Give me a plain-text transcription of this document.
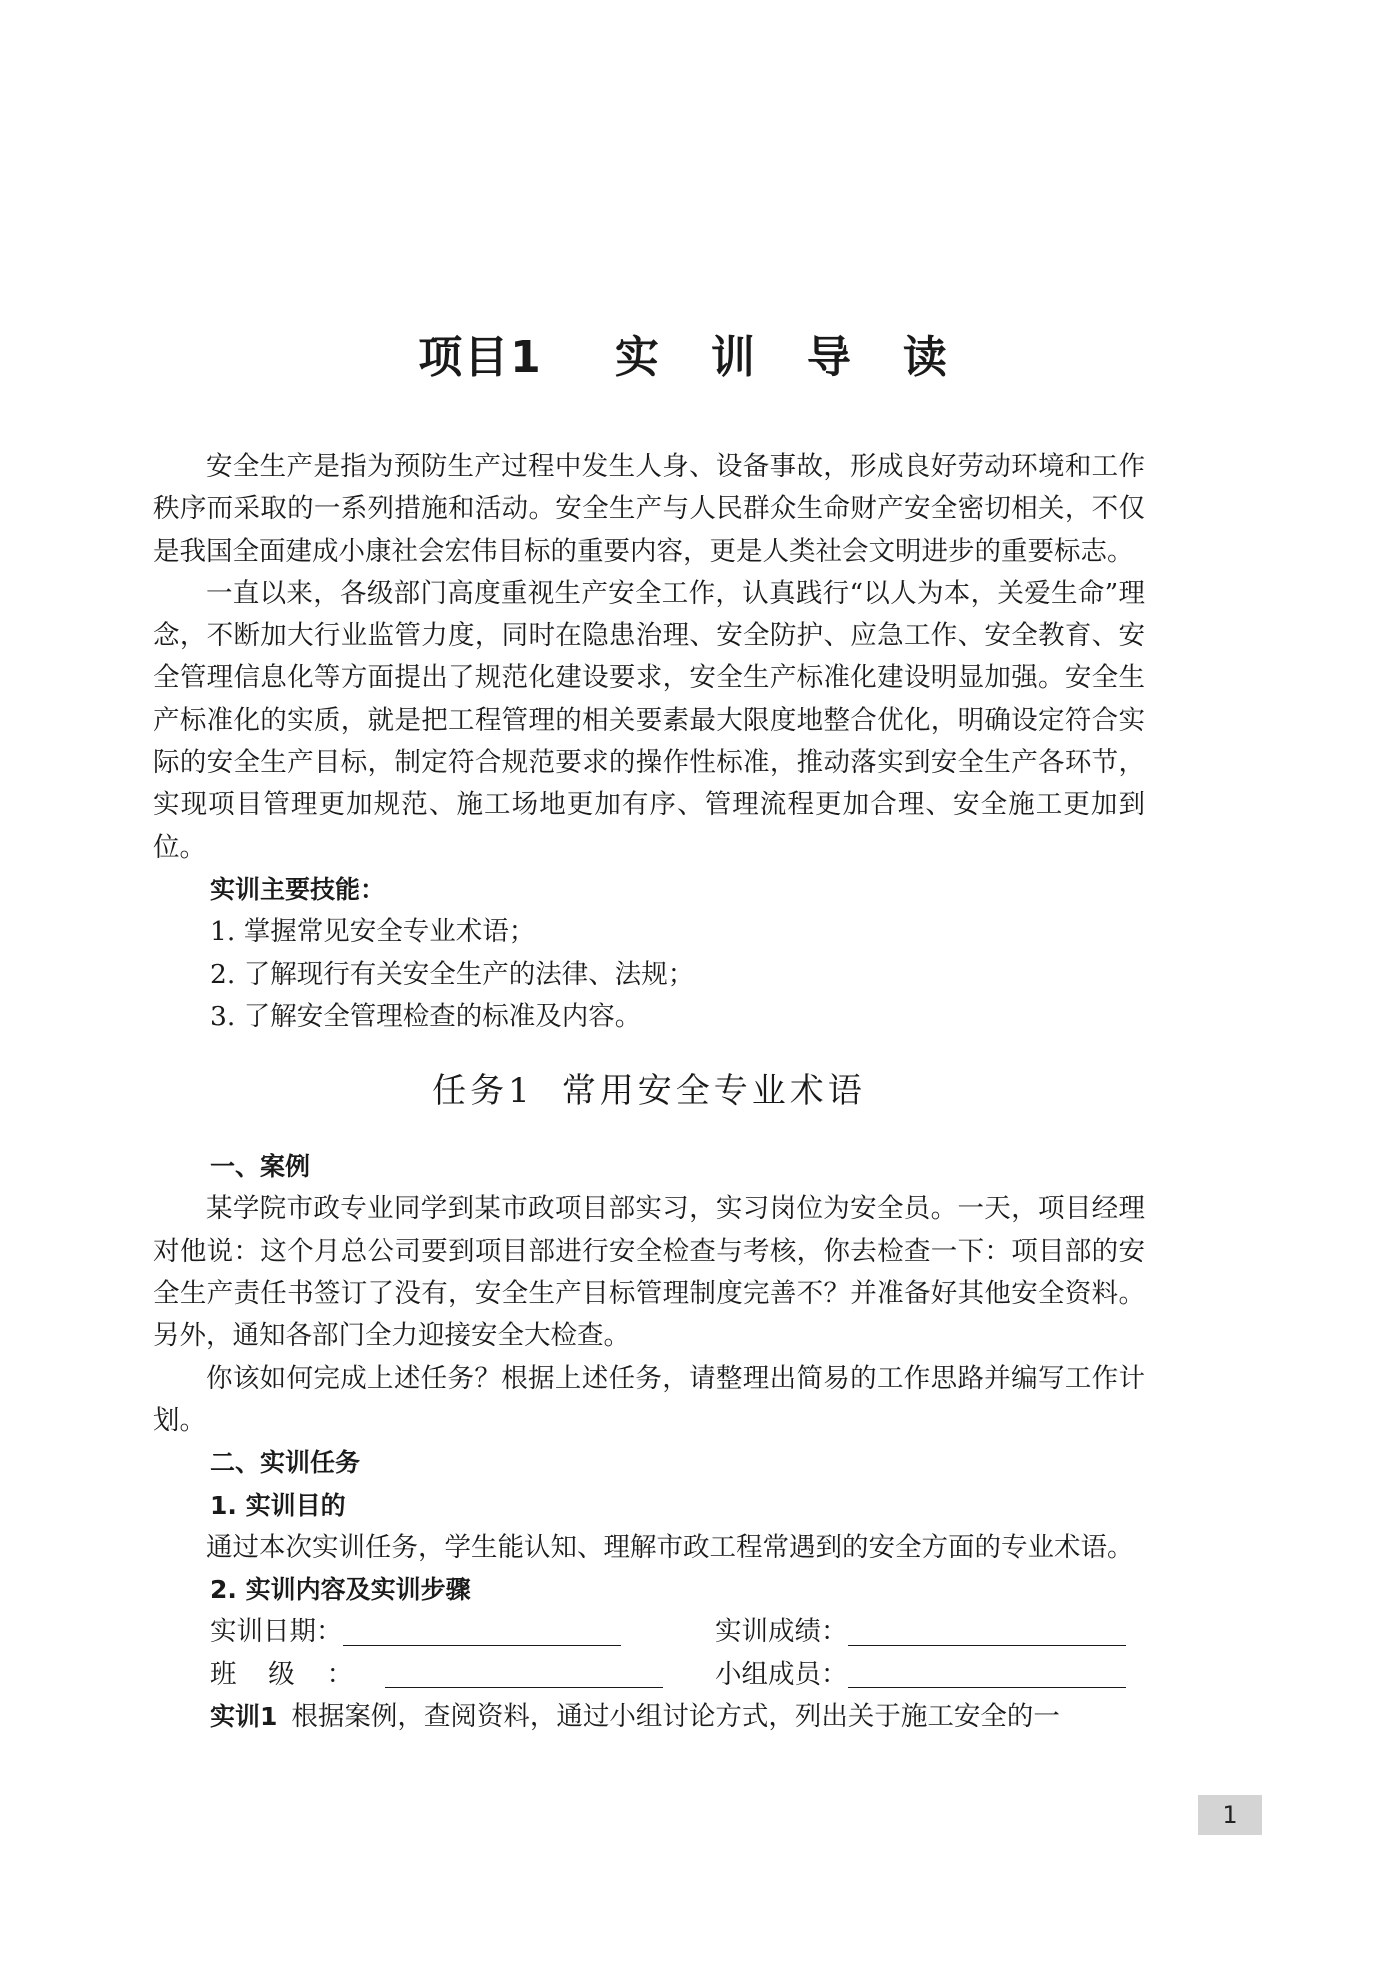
项目1 实 训 导 读

安全生产是指为预防生产过程中发生人身、设备事故，形成良好劳动环境和工作秩序而采取的一系列措施和活动。安全生产与人民群众生命财产安全密切相关，不仅是我国全面建成小康社会宏伟目标的重要内容，更是人类社会文明进步的重要标志。

一直以来，各级部门高度重视生产安全工作，认真践行“以人为本，关爱生命”理念，不断加大行业监管力度，同时在隐患治理、安全防护、应急工作、安全教育、安全管理信息化等方面提出了规范化建设要求，安全生产标准化建设明显加强。安全生产标准化的实质，就是把工程管理的相关要素最大限度地整合优化，明确设定符合实际的安全生产目标，制定符合规范要求的操作性标准，推动落实到安全生产各环节，实现项目管理更加规范、施工场地更加有序、管理流程更加合理、安全施工更加到位。

实训主要技能：
1. 掌握常见安全专业术语；
2. 了解现行有关安全生产的法律、法规；
3. 了解安全管理检查的标准及内容。
任务1 常用安全专业术语
一、案例

某学院市政专业同学到某市政项目部实习，实习岗位为安全员。一天，项目经理对他说：这个月总公司要到项目部进行安全检查与考核，你去检查一下：项目部的安全生产责任书签订了没有，安全生产目标管理制度完善不？并准备好其他安全资料。另外，通知各部门全力迎接安全大检查。

你该如何完成上述任务？根据上述任务，请整理出简易的工作思路并编写工作计划。

二、实训任务
1. 实训目的

通过本次实训任务，学生能认知、理解市政工程常遇到的安全方面的专业术语。

2. 实训内容及实训步骤
实训日期：	实训成绩：
班级：	小组成员：
实训1 根据案例，查阅资料，通过小组讨论方式，列出关于施工安全的一
1
